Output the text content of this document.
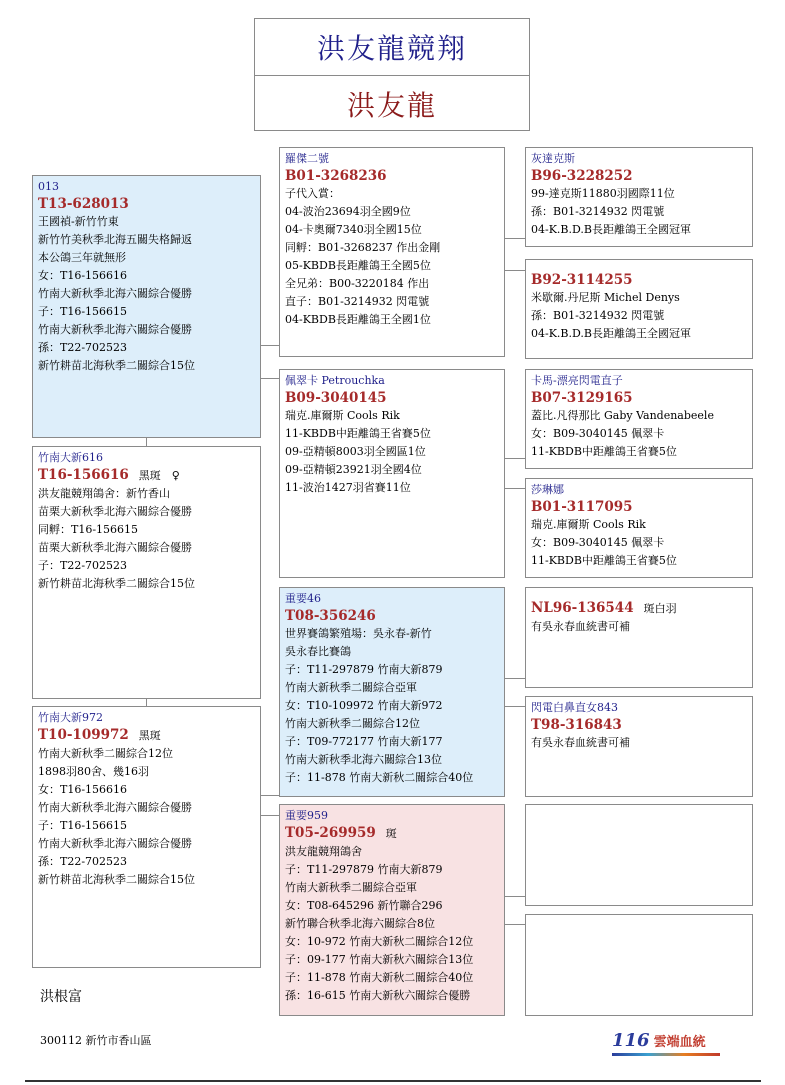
洪友龍競翔
洪友龍
013
T13-628013
王國禎-新竹竹東
新竹竹美秋季北海五關失格歸返
本公鴿三年就無形
女：T16-156616
竹南大新秋季北海六關綜合優勝
子：T16-156615
竹南大新秋季北海六關綜合優勝
孫：T22-702523
新竹耕苗北海秋季二關綜合15位
竹南大新616
T16-156616 黑斑　♀
洪友龍競翔鴿舍：新竹香山
苗栗大新秋季北海六關綜合優勝
同孵：T16-156615
苗栗大新秋季北海六關綜合優勝
子：T22-702523
新竹耕苗北海秋季二關綜合15位
竹南大新972
T10-109972 黑斑
竹南大新秋季二關綜合12位
1898羽80舍、幾16羽
女：T16-156616
竹南大新秋季北海六關綜合優勝
子：T16-156615
竹南大新秋季北海六關綜合優勝
孫：T22-702523
新竹耕苗北海秋季二關綜合15位
羅傑二號
B01-3268236
子代入賞：
04-波治23694羽全國9位
04-卡奧爾7340羽全國15位
同孵：B01-3268237 作出金剛
05-KBDB長距離鴿王全國5位
全兄弟：B00-3220184 作出
直子：B01-3214932 閃電號
04-KBDB長距離鴿王全國1位
佩翠卡 Petrouchka
B09-3040145
瑞克.庫爾斯 Cools Rik
11-KBDB中距離鴿王省賽5位
09-亞精頓8003羽全國區1位
09-亞精頓23921羽全國4位
11-波治1427羽省賽11位
重要46
T08-356246
世界賽鴿繁殖場：吳永春-新竹
吳永春比賽鴿
子：T11-297879 竹南大新879
竹南大新秋季二關綜合亞軍
女：T10-109972 竹南大新972
竹南大新秋季二關綜合12位
子：T09-772177 竹南大新177
竹南大新秋季北海六關綜合13位
子：11-878 竹南大新秋二關綜合40位
重要959
T05-269959 斑
洪友龍競翔鴿舍
子：T11-297879 竹南大新879
竹南大新秋季二關綜合亞軍
女：T08-645296 新竹聯合296
新竹聯合秋季北海六關綜合8位
女：10-972 竹南大新秋二關綜合12位
子：09-177 竹南大新秋六關綜合13位
子：11-878 竹南大新秋二關綜合40位
孫：16-615 竹南大新秋六關綜合優勝
灰達克斯
B96-3228252
99-達克斯11880羽國際11位
孫：B01-3214932 閃電號
04-K.B.D.B長距離鴿王全國冠軍
B92-3114255
米歇爾.丹尼斯 Michel Denys
孫：B01-3214932 閃電號
04-K.B.D.B長距離鴿王全國冠軍
卡馬-漂亮閃電直子
B07-3129165
蓋比.凡得那比 Gaby Vandenabeele
女：B09-3040145 佩翠卡
11-KBDB中距離鴿王省賽5位
莎琳娜
B01-3117095
瑞克.庫爾斯 Cools Rik
女：B09-3040145 佩翠卡
11-KBDB中距離鴿王省賽5位
NL96-136544 斑白羽
有吳永春血統書可補
閃電白鼻直女843
T98-316843
有吳永春血統書可補
洪根富
300112 新竹市香山區	116 雲端血統
